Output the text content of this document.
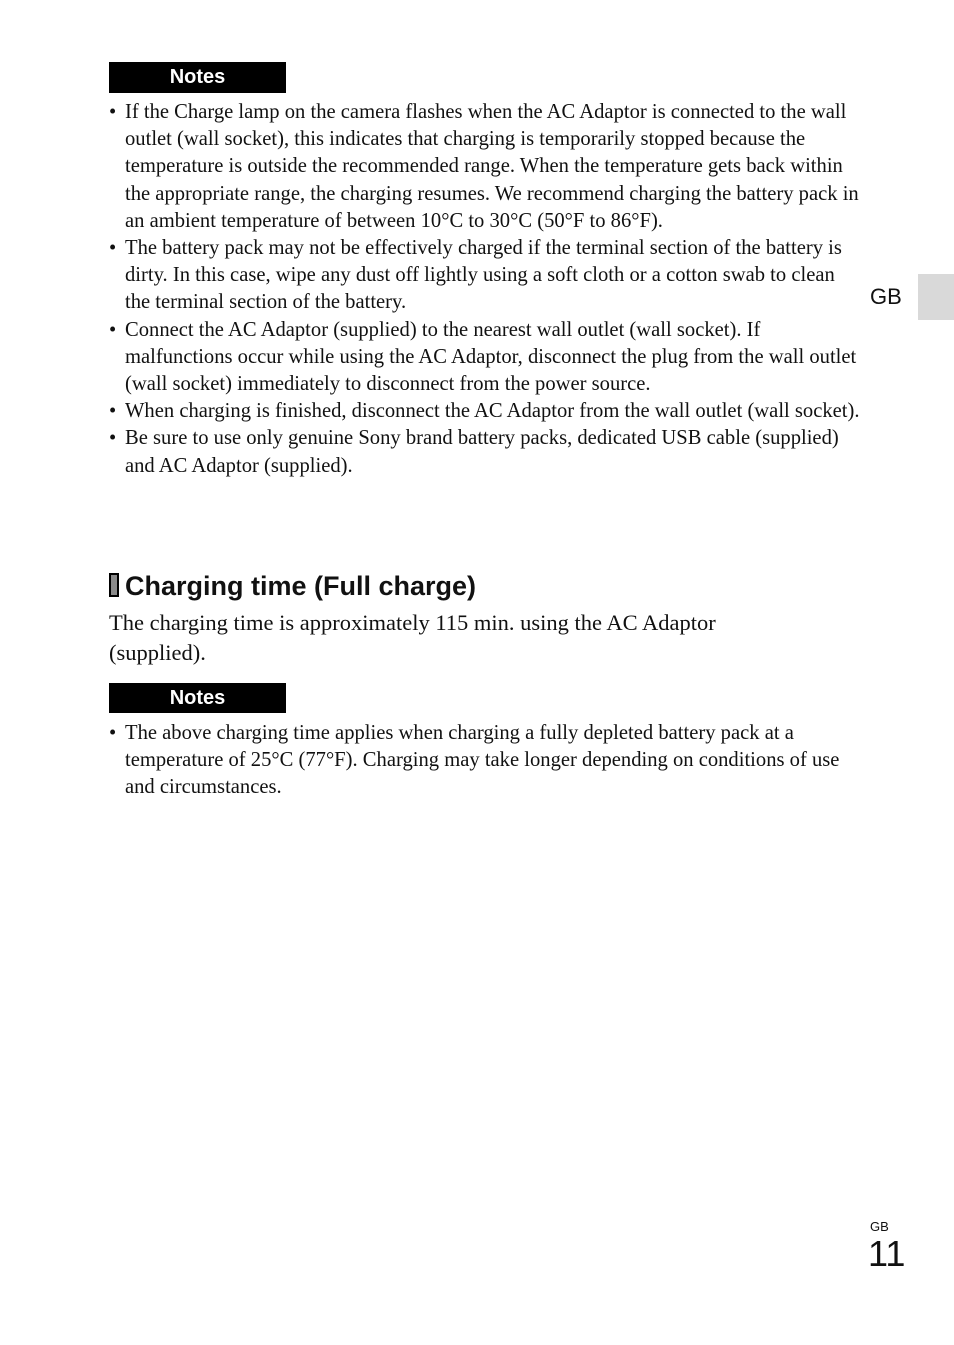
Notes
• If the Charge lamp on the camera flashes when the AC Adaptor is connected to the wall outlet (wall socket), this indicates that charging is temporarily stopped because the temperature is outside the recommended range. When the temperature gets back within the appropriate range, the charging resumes. We recommend charging the battery pack in an ambient temperature of between 10°C to 30°C (50°F to 86°F).
• The battery pack may not be effectively charged if the terminal section of the battery is dirty. In this case, wipe any dust off lightly using a soft cloth or a cotton swab to clean the terminal section of the battery.
• Connect the AC Adaptor (supplied) to the nearest wall outlet (wall socket). If malfunctions occur while using the AC Adaptor, disconnect the plug from the wall outlet (wall socket) immediately to disconnect from the power source.
• When charging is finished, disconnect the AC Adaptor from the wall outlet (wall socket).
• Be sure to use only genuine Sony brand battery packs, dedicated USB cable (supplied) and AC Adaptor (supplied).
Charging time (Full charge)

The charging time is approximately 115 min. using the AC Adaptor (supplied).

Notes
• The above charging time applies when charging a fully depleted battery pack at a temperature of 25°C (77°F). Charging may take longer depending on conditions of use and circumstances.
GB
GB
11
